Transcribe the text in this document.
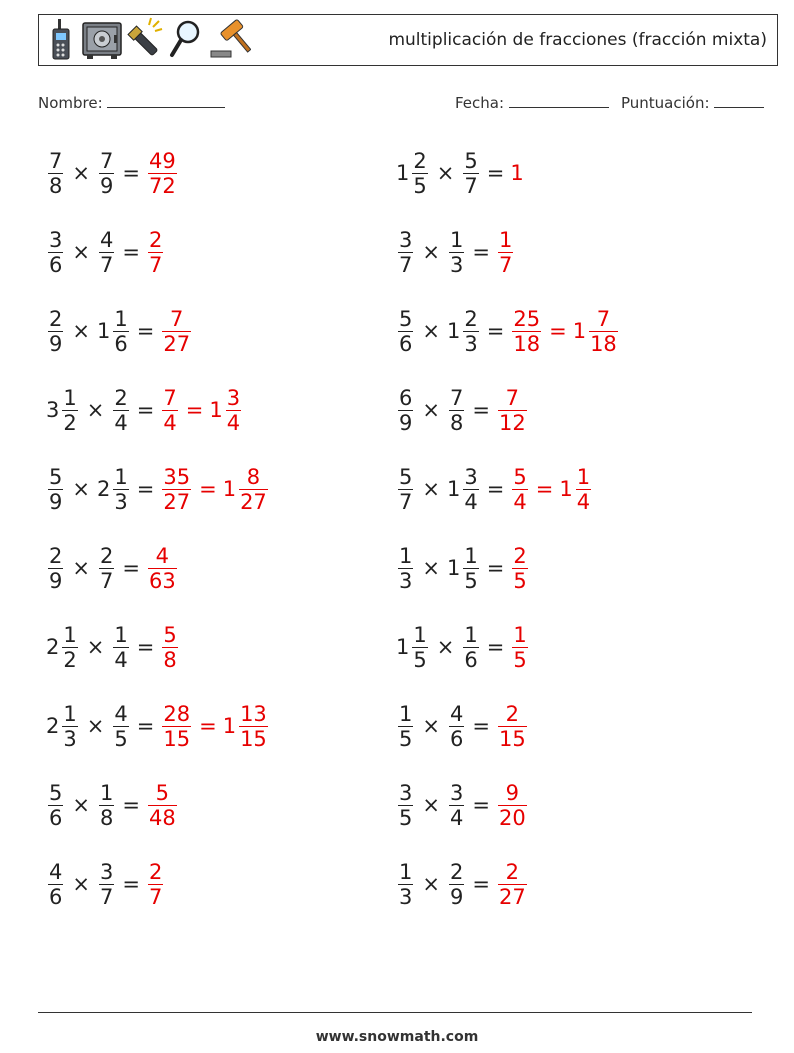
multiplicación de fracciones (fracción mixta)
Nombre:	Fecha:	Puntuación:
$\frac{7}{8} \times \frac{7}{9} = \frac{49}{72}$	$1 \frac{2}{5} \times \frac{5}{7} = 1$
$\frac{3}{6} \times \frac{4}{7} = \frac{2}{7}$	$\frac{3}{7} \times \frac{1}{3} = \frac{1}{7}$
$\frac{2}{9} \times 1 \frac{1}{6} = \frac{7}{27}$	$\frac{5}{6} \times 1 \frac{2}{3} = \frac{25}{18} = 1 \frac{7}{18}$
$3 \frac{1}{2} \times \frac{2}{4} = \frac{7}{4} = 1 \frac{3}{4}$	$\frac{6}{9} \times \frac{7}{8} = \frac{7}{12}$
$\frac{5}{9} \times 2 \frac{1}{3} = \frac{35}{27} = 1 \frac{8}{27}$	$\frac{5}{7} \times 1 \frac{3}{4} = \frac{5}{4} = 1 \frac{1}{4}$
$\frac{2}{9} \times \frac{2}{7} = \frac{4}{63}$	$\frac{1}{3} \times 1 \frac{1}{5} = \frac{2}{5}$
$2 \frac{1}{2} \times \frac{1}{4} = \frac{5}{8}$	$1 \frac{1}{5} \times \frac{1}{6} = \frac{1}{5}$
$2 \frac{1}{3} \times \frac{4}{5} = \frac{28}{15} = 1 \frac{13}{15}$	$\frac{1}{5} \times \frac{4}{6} = \frac{2}{15}$
$\frac{5}{6} \times \frac{1}{8} = \frac{5}{48}$	$\frac{3}{5} \times \frac{3}{4} = \frac{9}{20}$
$\frac{4}{6} \times \frac{3}{7} = \frac{2}{7}$	$\frac{1}{3} \times \frac{2}{9} = \frac{2}{27}$
www.snowmath.com
